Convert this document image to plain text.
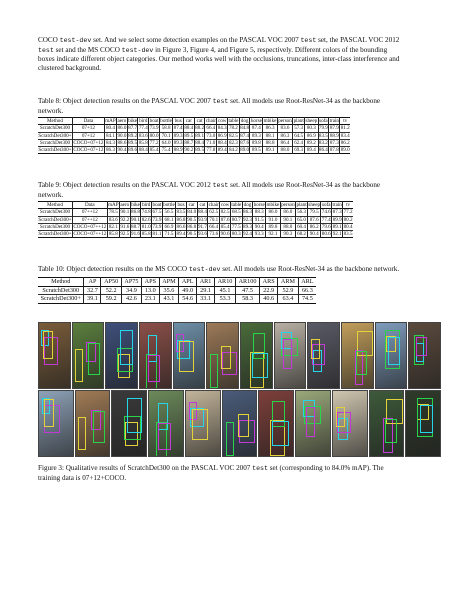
COCO test-dev set. And we select some detection examples on the PASCAL VOC 2007 test set, the PASCAL VOC 2012
test set and the MS COCO test-dev in Figure 3, Figure 4, and Figure 5, respectively. Different colors of the bounding
boxes indicate different object categories. Our method works well with the occlusions, truncations, inter-class interference and
clustered background.
Table 8: Object detection results on the PASCAL VOC 2007 test set. All models use Root-ResNet-34 as the backbone
network.
Method	Data	mAP	aero	bike	bird	boat	bottle	bus	car	cat	chair	cow	table	dog	horse	mbike	person	plant	sheep	sofa	train	tv
ScratchDet300	07+12	80.4	86.0	87.7	77.4	73.9	58.8	87.4	88.4	88.2	66.4	84.3	78.2	84.8	87.4	86.3	83.6	57.3	80.3	79.9	87.9	81.2
ScratchDet300+	07+12	84.1	90.0	89.2	83.6	80.0	70.1	89.3	89.5	89.1	73.0	86.9	82.5	87.4	89.3	88.1	86.3	64.5	86.9	83.5	88.9	83.4
ScratchDet300	COCO+07+12	84.3	88.6	89.5	85.8	77.2	64.0	89.3	88.7	88.4	71.0	88.4	82.3	87.6	89.8	88.8	86.4	62.4	89.2	83.2	87.3	86.2
ScratchDet300+	COCO+07+12	86.3	90.4	89.6	88.4	85.4	75.4	88.9	90.2	89.5	77.8	89.4	84.2	89.0	89.5	89.1	88.0	69.3	89.4	86.4	87.8	89.0
Table 9: Object detection results on the PASCAL VOC 2012 test set. All models use Root-ResNet-34 as the backbone
network.
Method	Data	mAP	aero	bike	bird	boat	bottle	bus	car	cat	chair	cow	table	dog	horse	mbike	person	plant	sheep	sofa	train	tv
ScratchDet300	07++12	78.5	90.1	86.8	74.8	67.5	56.5	83.5	84.0	88.4	62.5	82.5	68.5	86.3	88.3	86.0	86.0	56.3	79.5	74.6	87.3	77.2
ScratchDet300+	07++12	83.6	92.2	90.1	82.6	73.9	68.1	86.8	90.5	93.9	70.1	87.6	80.7	92.3	91.5	91.0	90.1	65.0	87.6	77.4	89.9	80.2
ScratchDet300	COCO+07++12	82.1	91.6	88.7	81.0	73.9	66.9	86.6	86.8	91.7	66.4	85.4	77.5	89.3	90.4	89.8	88.0	60.4	86.2	79.6	89.1	80.4
ScratchDet300+	COCO+07++12	85.8	92.5	91.6	85.8	81.1	71.5	89.4	90.5	93.6	73.6	90.6	80.3	92.4	93.3	92.1	90.3	68.2	90.4	80.6	92.1	83.5
Table 10: Object detection results on the MS COCO test-dev set. All models use Root-ResNet-34 as the backbone network.
Method	AP	AP50	AP75	APS	APM	APL	AR1	AR10	AR100	ARS	ARM	ARL
ScratchDet300	32.7	52.2	34.9	13.0	35.6	49.0	29.1	45.1	47.5	22.9	52.9	66.3
ScratchDet300+	39.1	59.2	42.6	23.1	43.1	54.6	33.1	53.3	58.3	40.6	63.4	74.5
Figure 3: Qualitative results of ScratchDet300 on the PASCAL VOC 2007 test set (corresponding to 84.0% mAP). The
training data is 07+12+COCO.
